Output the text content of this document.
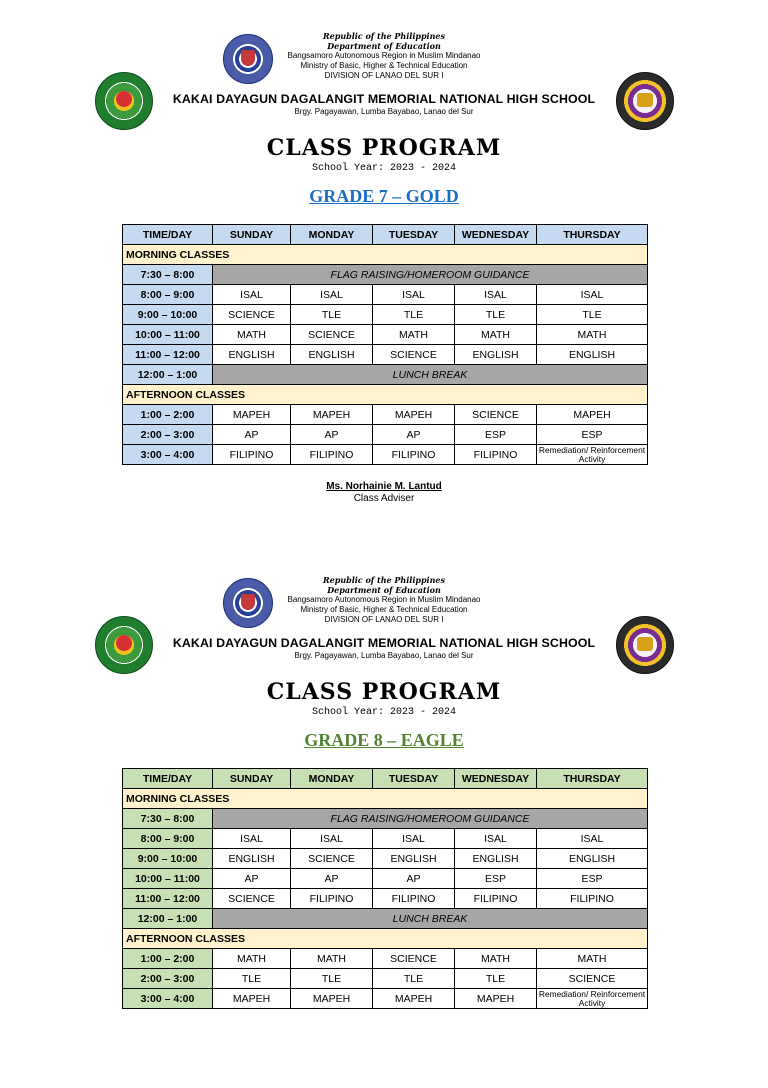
Republic of the Philippines
Department of Education
Bangsamoro Autonomous Region in Muslim Mindanao
Ministry of Basic, Higher & Technical Education
DIVISION OF LANAO DEL SUR I
KAKAI DAYAGUN DAGALANGIT MEMORIAL NATIONAL HIGH SCHOOL
Brgy. Pagayawan, Lumba Bayabao, Lanao del Sur
CLASS PROGRAM
School Year: 2023 - 2024
GRADE 7 – GOLD
TIME/DAY	SUNDAY	MONDAY	TUESDAY	WEDNESDAY	THURSDAY
MORNING CLASSES					
7:30 – 8:00	FLAG RAISING/HOMEROOM GUIDANCE				
8:00 – 9:00	ISAL	ISAL	ISAL	ISAL	ISAL
9:00 – 10:00	SCIENCE	TLE	TLE	TLE	TLE
10:00 – 11:00	MATH	SCIENCE	MATH	MATH	MATH
11:00 – 12:00	ENGLISH	ENGLISH	SCIENCE	ENGLISH	ENGLISH
12:00 – 1:00	LUNCH BREAK				
AFTERNOON CLASSES					
1:00 – 2:00	MAPEH	MAPEH	MAPEH	SCIENCE	MAPEH
2:00 – 3:00	AP	AP	AP	ESP	ESP
3:00 – 4:00	FILIPINO	FILIPINO	FILIPINO	FILIPINO	Remediation/ Reinforcement Activity
Ms. Norhainie M. Lantud
Class Adviser
Republic of the Philippines
Department of Education
Bangsamoro Autonomous Region in Muslim Mindanao
Ministry of Basic, Higher & Technical Education
DIVISION OF LANAO DEL SUR I
KAKAI DAYAGUN DAGALANGIT MEMORIAL NATIONAL HIGH SCHOOL
Brgy. Pagayawan, Lumba Bayabao, Lanao del Sur
CLASS PROGRAM
School Year: 2023 - 2024
GRADE 8 – EAGLE
TIME/DAY	SUNDAY	MONDAY	TUESDAY	WEDNESDAY	THURSDAY
MORNING CLASSES					
7:30 – 8:00	FLAG RAISING/HOMEROOM GUIDANCE				
8:00 – 9:00	ISAL	ISAL	ISAL	ISAL	ISAL
9:00 – 10:00	ENGLISH	SCIENCE	ENGLISH	ENGLISH	ENGLISH
10:00 – 11:00	AP	AP	AP	ESP	ESP
11:00 – 12:00	SCIENCE	FILIPINO	FILIPINO	FILIPINO	FILIPINO
12:00 – 1:00	LUNCH BREAK				
AFTERNOON CLASSES					
1:00 – 2:00	MATH	MATH	SCIENCE	MATH	MATH
2:00 – 3:00	TLE	TLE	TLE	TLE	SCIENCE
3:00 – 4:00	MAPEH	MAPEH	MAPEH	MAPEH	Remediation/ Reinforcement Activity
